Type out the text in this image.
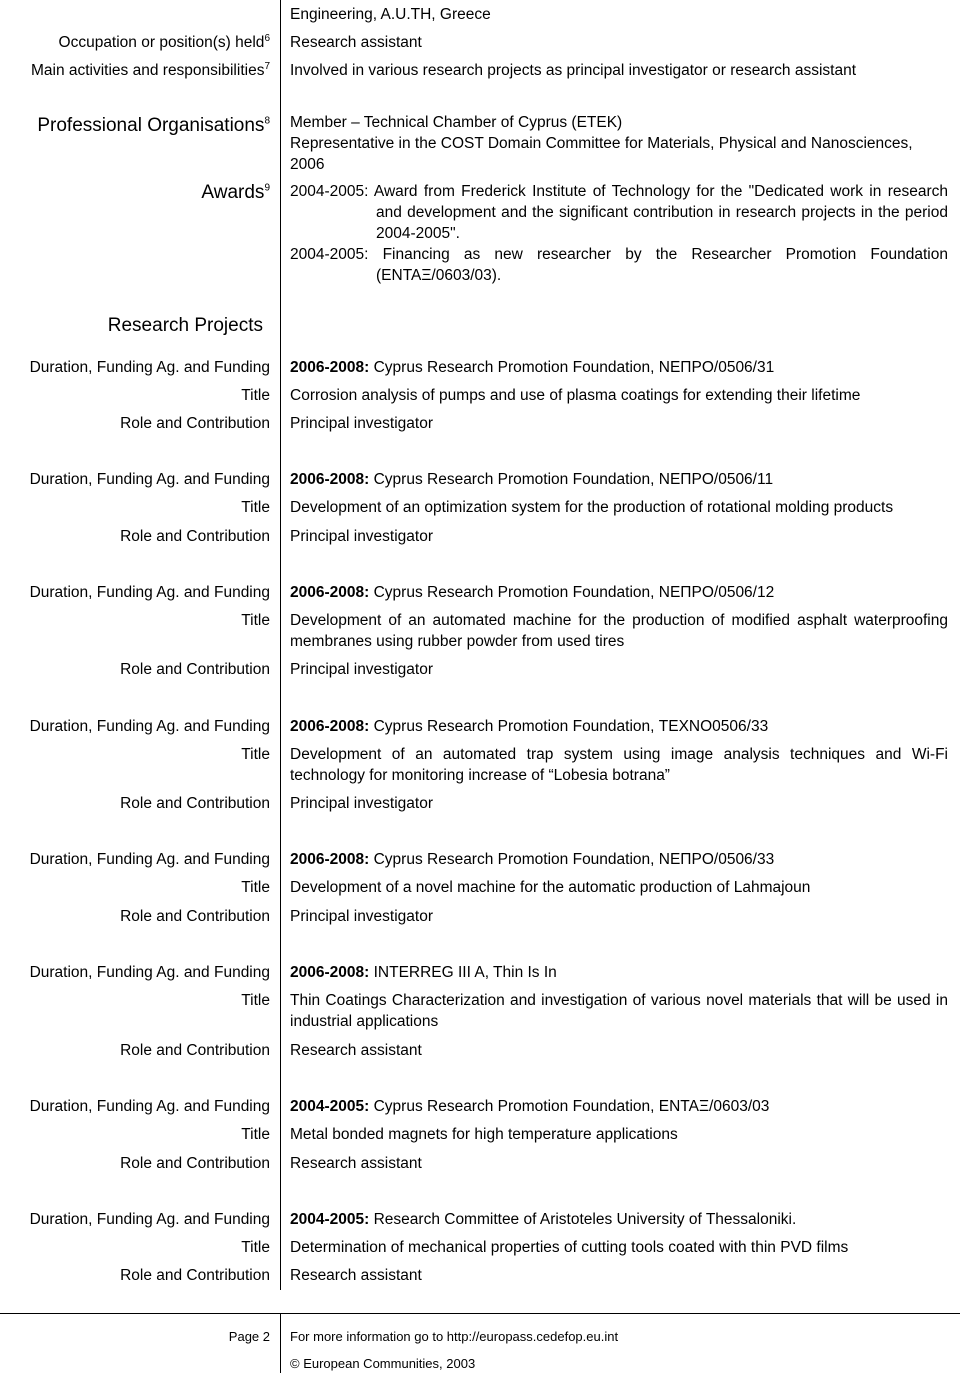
Engineering, A.U.TH, Greece
Occupation or position(s) held$^6$ Research assistant
Main activities and responsibilities$^7$ Involved in various research projects as principal investigator or research assistant
Professional Organisations$^8$ Member – Technical Chamber of Cyprus (ETEK)
Representative in the COST Domain Committee for Materials, Physical and Nanosciences, 2006
Awards$^9$ 2004-2005: Award from Frederick Institute of Technology for the "Dedicated work in research and development and the significant contribution in research projects in the period 2004-2005".
2004-2005: Financing as new researcher by the Researcher Promotion Foundation (ΕΝΤΑΞ/0603/03).
Research Projects
Duration, Funding Ag. and Funding 2006-2008: Cyprus Research Promotion Foundation, ΝΕΠΡΟ/0506/31
Title Corrosion analysis of pumps and use of plasma coatings for extending their lifetime
Role and Contribution Principal investigator
Duration, Funding Ag. and Funding 2006-2008: Cyprus Research Promotion Foundation, ΝΕΠΡΟ/0506/11
Title Development of an optimization system for the production of rotational molding products
Role and Contribution Principal investigator
Duration, Funding Ag. and Funding 2006-2008: Cyprus Research Promotion Foundation, ΝΕΠΡΟ/0506/12
Title Development of an automated machine for the production of modified asphalt waterproofing membranes using rubber powder from used tires
Role and Contribution Principal investigator
Duration, Funding Ag. and Funding 2006-2008: Cyprus Research Promotion Foundation, ΤΕΧΝΟ0506/33
Title Development of an automated trap system using image analysis techniques and Wi-Fi technology for monitoring increase of “Lobesia botrana”
Role and Contribution Principal investigator
Duration, Funding Ag. and Funding 2006-2008: Cyprus Research Promotion Foundation, ΝΕΠΡΟ/0506/33
Title Development of a novel machine for the automatic production of Lahmajoun
Role and Contribution Principal investigator
Duration, Funding Ag. and Funding 2006-2008: INTERREG III A, Thin Is In
Title Thin Coatings Characterization and investigation of various novel materials that will be used in industrial applications
Role and Contribution Research assistant
Duration, Funding Ag. and Funding 2004-2005: Cyprus Research Promotion Foundation, ΕΝΤΑΞ/0603/03
Title Metal bonded magnets for high temperature applications
Role and Contribution Research assistant
Duration, Funding Ag. and Funding 2004-2005: Research Committee of Aristoteles University of Thessaloniki.
Title Determination of mechanical properties of cutting tools coated with thin PVD films
Role and Contribution Research assistant
Page 2 For more information go to http://europass.cedefop.eu.int
© European Communities, 2003
